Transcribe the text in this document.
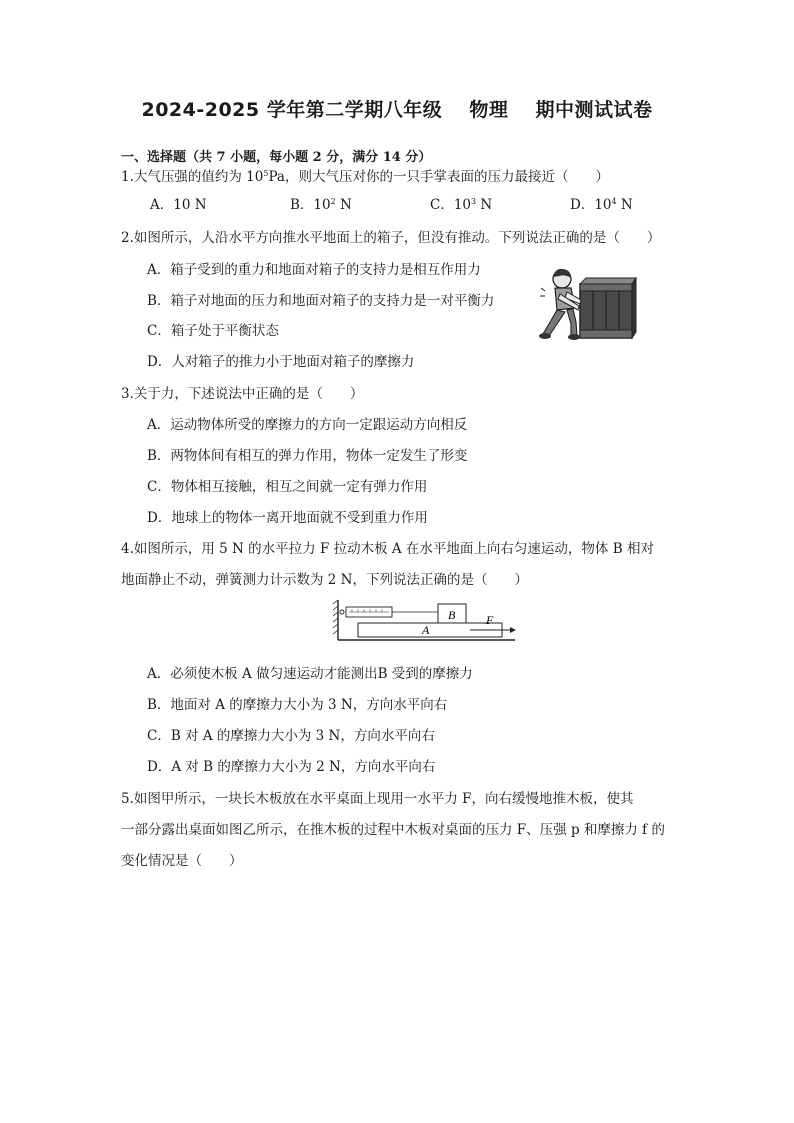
2024-2025 学年第二学期八年级 物理 期中测试试卷
一、选择题（共 7 小题，每小题 2 分，满分 14 分）
1.大气压强的值约为 $10^5Pa$，则大气压对你的一只手掌表面的压力最接近（　　）
A．10 N	B．$10^2$ N	C．$10^3$ N	D．$10^4$ N
2.如图所示，人沿水平方向推水平地面上的箱子，但没有推动。下列说法正确的是（　　）
A．箱子受到的重力和地面对箱子的支持力是相互作用力
B．箱子对地面的压力和地面对箱子的支持力是一对平衡力
C．箱子处于平衡状态
D．人对箱子的推力小于地面对箱子的摩擦力
3.关于力，下述说法中正确的是（　　）
A．运动物体所受的摩擦力的方向一定跟运动方向相反
B．两物体间有相互的弹力作用，物体一定发生了形变
C．物体相互接触，相互之间就一定有弹力作用
D．地球上的物体一离开地面就不受到重力作用
4.如图所示，用 5 N 的水平拉力 F 拉动木板 A 在水平地面上向右匀速运动，物体 B 相对
地面静止不动，弹簧测力计示数为 2 N，下列说法正确的是（　　）
B
A
F
A．必须使木板 A 做匀速运动才能测出B 受到的摩擦力
B．地面对 A 的摩擦力大小为 3 N，方向水平向右
C．B 对 A 的摩擦力大小为 3 N，方向水平向右
D．A 对 B 的摩擦力大小为 2 N，方向水平向右
5.如图甲所示，一块长木板放在水平桌面上现用一水平力 F，向右缓慢地推木板，使其
一部分露出桌面如图乙所示，在推木板的过程中木板对桌面的压力 F、压强 p 和摩擦力 f 的
变化情况是（　　）
